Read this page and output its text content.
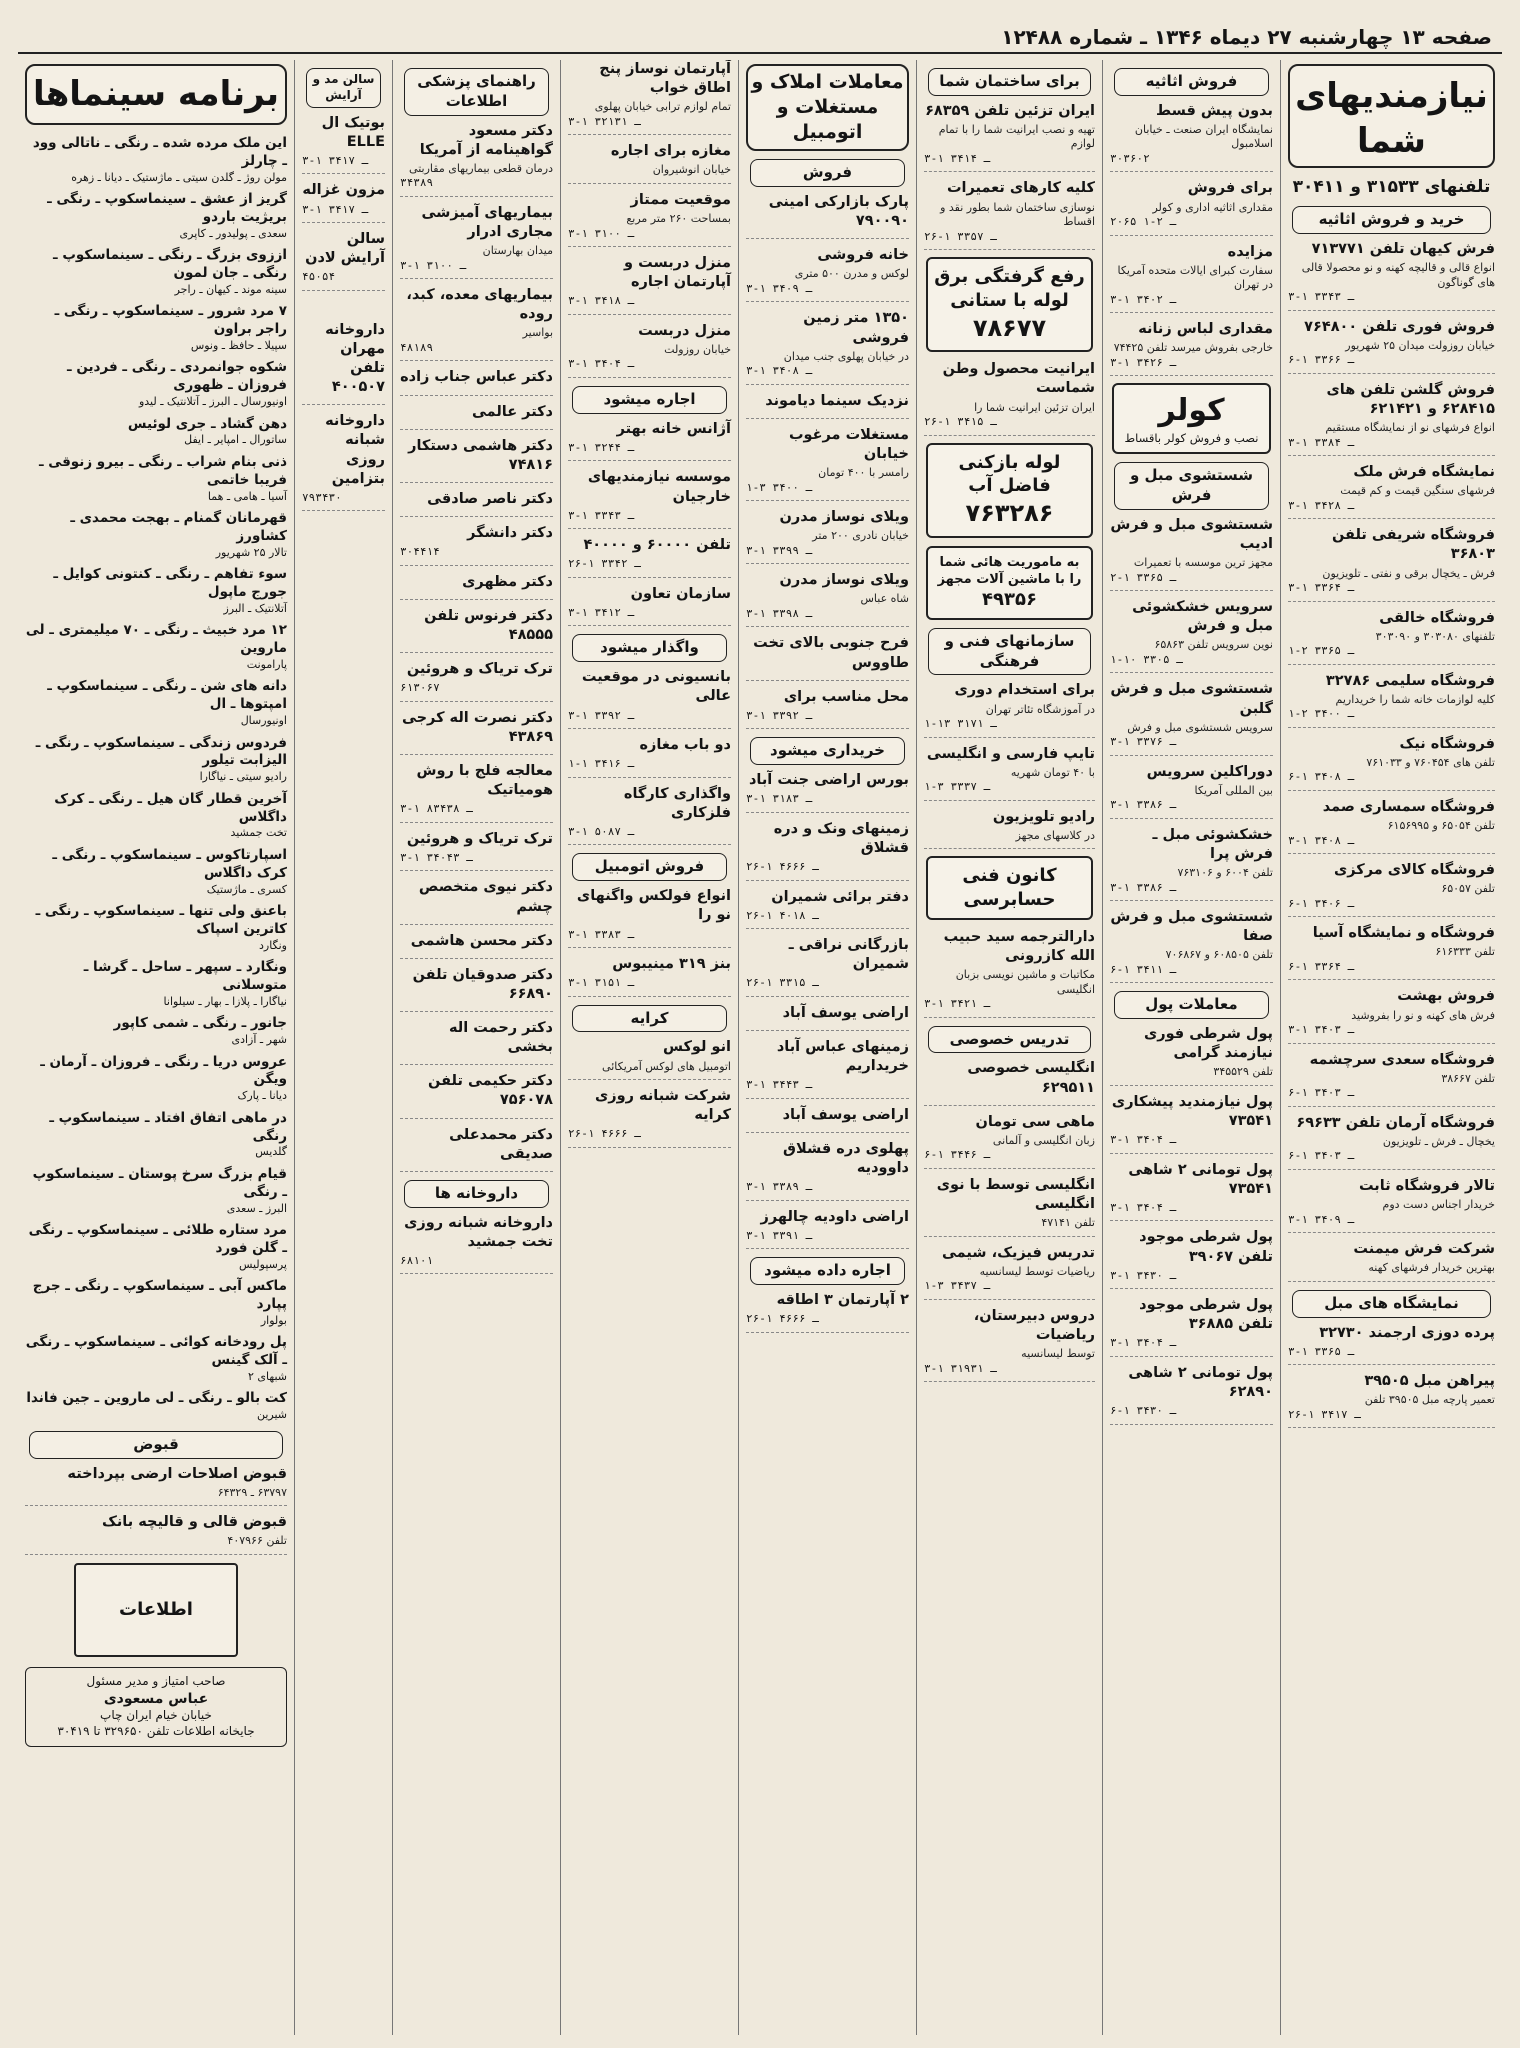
صفحه ۱۳ چهارشنبه ۲۷ دیماه ۱۳۴۶ ـ شماره ۱۲۴۸۸
نیازمندیهای شما
تلفنهای ۳۱۵۳۳ و ۳۰۴۱۱
خرید و فروش اثاثیه
فرش کیهان تلفن ۷۱۳۷۷۱
انواع قالی و قالیچه کهنه و نو محصولا قالی های گوناگون
۳-۱ ـ ۳۳۴۳
فروش فوری تلفن ۷۶۴۸۰۰
خیابان روزولت میدان ۲۵ شهریور
۶-۱ ـ ۳۳۶۶
فروش گلشن تلفن های ۶۲۸۴۱۵ و ۶۲۱۴۲۱
انواع فرشهای نو از نمایشگاه مستقیم
۳-۱ ـ ۳۳۸۴
نمایشگاه فرش ملک
فرشهای سنگین قیمت و کم قیمت
۳-۱ ـ ۳۴۲۸
فروشگاه شریفی تلفن ۳۶۸۰۳
فرش ـ یخچال برقی و نفتی ـ تلویزیون
۳-۱ ـ ۳۳۶۴
فروشگاه خالقی
تلفنهای ۳۰۳۰۸۰ و ۳۰۳۰۹۰
۱-۲ ـ ۳۳۶۵
فروشگاه سلیمی ۳۲۷۸۶
کلیه لوازمات خانه شما را خریداریم
۱-۲ ـ ۳۴۰۰
فروشگاه نیک
تلفن های ۷۶۰۴۵۴ و ۷۶۱۰۳۳
۶-۱ ـ ۳۴۰۸
فروشگاه سمساری صمد
تلفن ۶۵۰۵۴ و ۶۱۵۶۹۹۵
۳-۱ ـ ۳۴۰۸
فروشگاه کالای مرکزی
تلفن ۶۵۰۵۷
۶-۱ ـ ۳۴۰۶
فروشگاه و نمایشگاه آسیا
تلفن ۶۱۶۳۳۳
۶-۱ ـ ۳۳۶۴
فروش بهشت
فرش های کهنه و نو را بفروشید
۳-۱ ـ ۳۴۰۳
فروشگاه سعدی سرچشمه
تلفن ۳۸۶۶۷
۶-۱ ـ ۳۴۰۳
فروشگاه آرمان تلفن ۶۹۶۳۳
یخچال ـ فرش ـ تلویزیون
۶-۱ ـ ۳۴۰۳
تالار فروشگاه ثابت
خریدار اجناس دست دوم
۳-۱ ـ ۳۴۰۹
شرکت فرش میمنت
بهترین خریدار فرشهای کهنه
نمایشگاه های مبل
پرده دوزی ارجمند ۳۲۷۳۰
۳-۱ ـ ۳۳۶۵
پیراهن مبل ۳۹۵۰۵
تعمیر پارچه مبل ۳۹۵۰۵ تلفن
۲۶-۱ ـ ۳۴۱۷
فروش اثاثیه
بدون پیش قسط
نمایشگاه ایران صنعت ـ خیابان اسلامبول
۳۰۳۶۰۲
برای فروش
مقداری اثاثیه اداری و کولر
۲۰۶۵ ـ ۲-۱
مزایده
سفارت کبرای ایالات متحده آمریکا در تهران
۳-۱ ـ ۳۴۰۲
مقداری لباس زنانه
خارجی بفروش میرسد تلفن ۷۴۴۲۵
۳-۱ ـ ۳۴۲۶
کولر
نصب و فروش کولر باقساط
شستشوی مبل و فرش
شستشوی مبل و فرش ادیب
مجهز ترین موسسه با تعمیرات
۲-۱ ـ ۳۳۶۵
سرویس خشکشوئی مبل و فرش
نوین سرویس تلفن ۶۵۸۶۳
۱-۱۰ ـ ۳۳۰۵
شستشوی مبل و فرش گلبن
سرویس شستشوی مبل و فرش
۳-۱ ـ ۳۳۷۶
دوراکلین سرویس
بین المللی آمریکا
۳-۱ ـ ۳۳۸۶
خشکشوئی مبل ـ فرش پرا
تلفن ۶۰۰۴ و ۷۶۳۱۰۶
۳-۱ ـ ۳۳۸۶
شستشوی مبل و فرش صفا
تلفن ۶۰۸۵۰۵ و ۷۰۶۸۶۷
۶-۱ ـ ۳۴۱۱
معاملات پول
پول شرطی فوری نیازمند گرامی
تلفن ۳۴۵۵۲۹
پول نیازمندید پیشکاری ۷۳۵۴۱
۳-۱ ـ ۳۴۰۴
پول تومانی ۲ شاهی ۷۳۵۴۱
۳-۱ ـ ۳۴۰۴
پول شرطی موجود تلفن ۳۹۰۶۷
۳-۱ ـ ۳۴۳۰
پول شرطی موجود تلفن ۳۶۸۸۵
۳-۱ ـ ۳۴۰۴
پول تومانی ۲ شاهی ۶۲۸۹۰
۶-۱ ـ ۳۴۳۰
برای ساختمان شما
ایران تزئین تلفن ۶۸۳۵۹
تهیه و نصب ایرانیت شما را با تمام لوازم
۳-۱ ـ ۳۴۱۴
کلیه کارهای تعمیرات
نوسازی ساختمان شما بطور نقد و اقساط
۲۶-۱ ـ ۳۳۵۷
رفع گرفتگی برق لوله با ستانی
۷۸۶۷۷
ایرانیت محصول وطن شماست
ایران تزئین ایرانیت شما را
۲۶-۱ ـ ۳۴۱۵
لوله بازکنی فاضل آب
۷۶۳۲۸۶
به ماموریت هائی شما را با ماشین آلات مجهز
۴۹۳۵۶
سازمانهای فنی و فرهنگی
برای استخدام دوری
در آموزشگاه تئاتر تهران
۱-۱۳ ـ ۳۱۷۱
تایپ فارسی و انگلیسی
با ۴۰ تومان شهریه
۱-۳ ـ ۳۳۳۷
رادیو تلویزیون
در کلاسهای مجهز
کانون فنی حسابرسی
دارالترجمه سید حبیب الله کازرونی
مکاتبات و ماشین نویسی بزبان انگلیسی
۳-۱ ـ ۳۴۲۱
تدریس خصوصی
انگلیسی خصوصی ۶۲۹۵۱۱
ماهی سی تومان
زبان انگلیسی و آلمانی
۶-۱ ـ ۳۴۴۶
انگلیسی توسط با نوی انگلیسی
تلفن ۴۷۱۴۱
تدریس فیزیک، شیمی
ریاضیات توسط لیسانسیه
۱-۳ ـ ۳۴۳۷
دروس دبیرستان، ریاضیات
توسط لیسانسیه
۳-۱ ـ ۳۱۹۳۱
معاملات املاک و مستغلات و اتومبیل
فروش
پارک بازارکی امینی ۷۹۰۰۹۰
خانه فروشی
لوکس و مدرن ۵۰۰ متری
۳-۱ ـ ۳۴۰۹
۱۳۵۰ متر زمین فروشی
در خیابان پهلوی جنب میدان
۳-۱ ـ ۳۴۰۸
نزدیک سینما دیاموند
مستغلات مرغوب خیابان
رامسر با ۴۰۰ تومان
۱-۳ ـ ۳۴۰۰
ویلای نوساز مدرن
خیابان نادری ۲۰۰ متر
۳-۱ ـ ۳۳۹۹
ویلای نوساز مدرن
شاه عباس
۳-۱ ـ ۳۳۹۸
فرح جنوبی بالای تخت طاووس
محل مناسب برای
۳-۱ ـ ۳۳۹۲
خریداری میشود
بورس اراضی جنت آباد
۳-۱ ـ ۳۱۸۳
زمینهای ونک و دره قشلاق
۲۶-۱ ـ ۴۶۶۶
دفتر برائی شمیران
۲۶-۱ ـ ۴۰۱۸
بازرگانی نراقی ـ شمیران
۲۶-۱ ـ ۳۳۱۵
اراضی یوسف آباد
زمینهای عباس آباد خریداریم
۳-۱ ـ ۳۴۴۳
اراضی یوسف آباد
پهلوی دره قشلاق داوودیه
۳-۱ ـ ۳۳۸۹
اراضی داودیه چالهرز
۳-۱ ـ ۳۳۹۱
اجاره داده میشود
۲ آپارتمان ۳ اطاقه
۲۶-۱ ـ ۴۶۶۶
آپارتمان نوساز پنج اطاق خواب
تمام لوازم ترابی خیابان پهلوی
۳-۱ ـ ۳۲۱۳۱
مغازه برای اجاره
خیابان انوشیروان
موقعیت ممتاز
بمساحت ۲۶۰ متر مربع
۳-۱ ـ ۳۱۰۰
منزل دربست و آپارتمان اجاره
۳-۱ ـ ۳۴۱۸
منزل دربست
خیابان روزولت
۳-۱ ـ ۳۴۰۴
اجاره میشود
آژانس خانه بهتر
۳-۱ ـ ۳۲۴۴
موسسه نیازمندیهای خارجیان
۳-۱ ـ ۳۳۴۳
تلفن ۶۰۰۰۰ و ۴۰۰۰۰
۲۶-۱ ـ ۳۳۴۲
سازمان تعاون
۳-۱ ـ ۳۴۱۲
واگذار میشود
بانسیونی در موقعیت عالی
۳-۱ ـ ۳۳۹۲
دو باب مغازه
۱-۱ ـ ۳۴۱۶
واگذاری کارگاه فلزکاری
۳-۱ ـ ۵۰۸۷
فروش اتومبیل
انواع فولکس واگنهای نو را
۳-۱ ـ ۳۳۸۳
بنز ۳۱۹ مینیبوس
۳-۱ ـ ۳۱۵۱
کرایه
انو لوکس
اتومبیل های لوکس آمریکائی
شرکت شبانه روزی کرایه
۲۶-۱ ـ ۴۶۶۶
راهنمای پزشکی اطلاعات
دکتر مسعود گواهینامه از آمریکا
درمان قطعی بیماریهای مقاربتی
۳۴۳۸۹
بیماریهای آمیزشی مجاری ادرار
میدان بهارستان
۳-۱ ـ ۳۱۰۰
بیماریهای معده، کبد، روده
بواسیر
۴۸۱۸۹
دکتر عباس جناب زاده
دکتر عالمی
دکتر هاشمی دستکار ۷۴۸۱۶
دکتر ناصر صادقی
دکتر دانشگر
۳۰۴۴۱۴
دکتر مظهری
دکتر فرنوس تلفن ۴۸۵۵۵
ترک تریاک و هروئین
۶۱۳۰۶۷
دکتر نصرت اله کرجی ۴۳۸۶۹
معالجه فلج با روش هومیاتیک
۳-۱ ـ ۸۳۴۳۸
ترک تریاک و هروئین
۳-۱ ـ ۳۴۰۴۳
دکتر نیوی متخصص چشم
دکتر محسن هاشمی
دکتر صدوقیان تلفن ۶۶۸۹۰
دکتر رحمت اله بخشی
دکتر حکیمی تلفن ۷۵۶۰۷۸
دکتر محمدعلی صدیقی
داروخانه ها
داروخانه شبانه روزی تخت جمشید
۶۸۱۰۱
سالن مد و آرایش
بوتیک ال ELLE
۳-۱ ـ ۳۴۱۷
مزون غزاله
۳-۱ ـ ۳۴۱۷
سالن آرایش لادن
۴۵۰۵۴
داروخانه مهران تلفن ۴۰۰۵۰۷
داروخانه شبانه روزی بتزامین
۷۹۳۴۳۰
برنامه سینماها
این ملک مرده شده ـ رنگی ـ ناتالی وود ـ چارلز
مولن روژ ـ گلدن سیتی ـ ماژستیک ـ دیانا ـ زهره
گریز از عشق ـ سینماسکوپ ـ رنگی ـ بریژیت باردو
سعدی ـ پولیدور ـ کاپری
اززوی بزرگ ـ رنگی ـ سینماسکوپ ـ رنگی ـ جان لمون
سینه موند ـ کیهان ـ راجر
۷ مرد شرور ـ سینماسکوپ ـ رنگی ـ راجر براون
سپیلا ـ حافظ ـ ونوس
شکوه جوانمردی ـ رنگی ـ فردین ـ فروزان ـ ظهوری
اونیورسال ـ البرز ـ آتلانتیک ـ لیدو
دهن گشاد ـ جری لوئیس
ساتورال ـ امپایر ـ ایفل
ذنی بنام شراب ـ رنگی ـ بیرو زنوقی ـ فریبا خاتمی
آسیا ـ هامی ـ هما
قهرمانان گمنام ـ بهجت محمدی ـ کشاورز
تالار ۲۵ شهریور
سوء تفاهم ـ رنگی ـ کنتونی کوایل ـ جورج ماپول
آتلانتیک ـ البرز
۱۲ مرد خبیث ـ رنگی ـ ۷۰ میلیمتری ـ لی ماروین
پارامونت
دانه های شن ـ رنگی ـ سینماسکوپ ـ امپتوها ـ ال
اونیورسال
فردوس زندگی ـ سینماسکوپ ـ رنگی ـ الیزابت تیلور
رادیو سیتی ـ نیاگارا
آخرین قطار گان هیل ـ رنگی ـ کرک داگلاس
تخت جمشید
اسپارتاکوس ـ سینماسکوپ ـ رنگی ـ کرک داگلاس
کسری ـ ماژستیک
باعنق ولی تنها ـ سینماسکوپ ـ رنگی ـ کاترین اسپاک
ونگارد
ونگارد ـ سپهر ـ ساحل ـ گرشا ـ متوسلانی
نیاگارا ـ پلازا ـ بهار ـ سیلوانا
جانور ـ رنگی ـ شمی کاپور
شهر ـ آزادی
عروس دریا ـ رنگی ـ فروزان ـ آرمان ـ ویگن
دیانا ـ پارک
در ماهی اتفاق افتاد ـ سینماسکوپ ـ رنگی
گلدیس
قیام بزرگ سرخ پوستان ـ سینماسکوپ ـ رنگی
البرز ـ سعدی
مرد ستاره طلائی ـ سینماسکوپ ـ رنگی ـ گلن فورد
پرسپولیس
ماکس آبی ـ سینماسکوپ ـ رنگی ـ جرج پپارد
بولوار
پل رودخانه کوائی ـ سینماسکوپ ـ رنگی ـ آلک گینس
شبهای ۲
کت بالو ـ رنگی ـ لی ماروین ـ جین فاندا
شیرین
قبوض
قبوض اصلاحات ارضی بپرداخته
۶۳۷۹۷ ـ ۶۴۳۲۹
قبوض قالی و قالیچه بانک
تلفن ۴۰۷۹۶۶
اطلاعات
صاحب امتیاز و مدیر مسئول
عباس مسعودی
خیابان خیام ایران چاپ
جایخانه اطلاعات تلفن ۳۲۹۶۵۰ تا ۳۰۴۱۹
